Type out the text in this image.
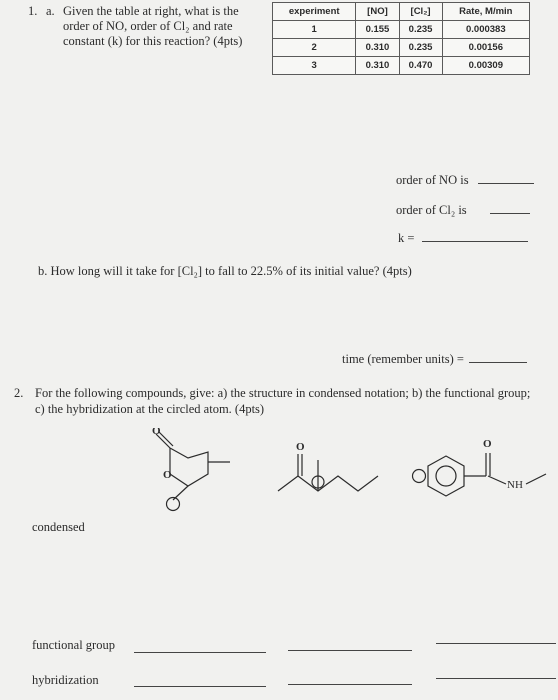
1. a. Given the table at right, what is the order of NO, order of Cl₂ and rate constant (k) for this reaction? (4pts)
experiment	[NO]	[Cl₂]	Rate, M/min
1	0.155	0.235	0.000383
2	0.310	0.235	0.00156
3	0.310	0.470	0.00309
order of NO is
order of Cl₂ is
k =
b. How long will it take for [Cl₂] to fall to 22.5% of its initial value? (4pts)
time (remember units) =
2. For the following compounds, give: a) the structure in condensed notation; b) the functional group; c) the hybridization at the circled atom. (4pts)
O
O
O	O
NH
condensed
functional group
hybridization
